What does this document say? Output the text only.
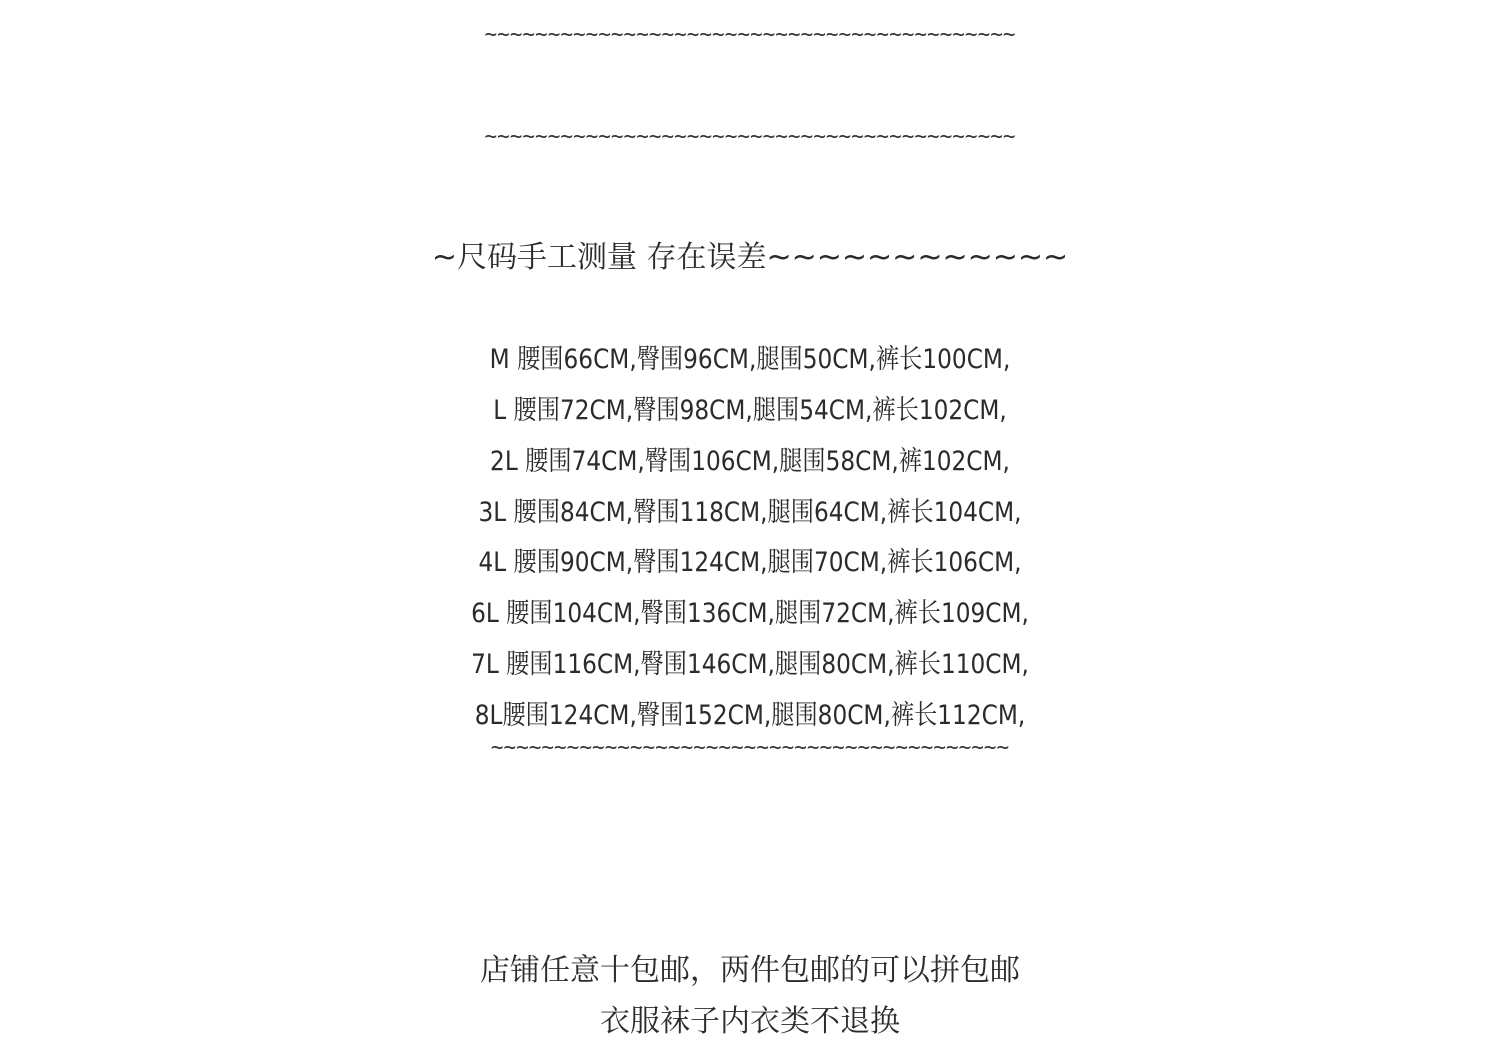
~~~~~~~~~~~~~~~~~~~~~~~~~~~~~~~~~~~~~~~~~~
~~~~~~~~~~~~~~~~~~~~~~~~~~~~~~~~~~~~~~~~~~
~尺码手工测量 存在误差~~~~~~~~~~~~
M 腰围66CM,臀围96CM,腿围50CM,裤长100CM,
L 腰围72CM,臀围98CM,腿围54CM,裤长102CM,
2L 腰围74CM,臀围106CM,腿围58CM,裤102CM,
3L 腰围84CM,臀围118CM,腿围64CM,裤长104CM,
4L 腰围90CM,臀围124CM,腿围70CM,裤长106CM,
6L 腰围104CM,臀围136CM,腿围72CM,裤长109CM,
7L 腰围116CM,臀围146CM,腿围80CM,裤长110CM,
8L腰围124CM,臀围152CM,腿围80CM,裤长112CM,
~~~~~~~~~~~~~~~~~~~~~~~~~~~~~~~~~~~~~~~~~
店铺任意十包邮，两件包邮的可以拼包邮
衣服袜子内衣类不退换
